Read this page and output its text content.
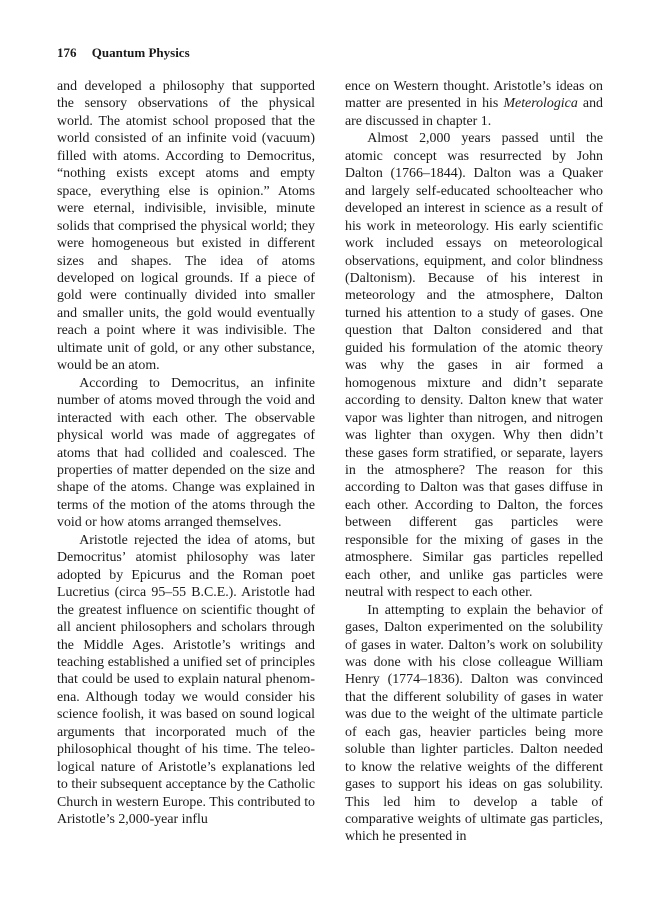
176 Quantum Physics

and developed a philosophy that supported the sensory observations of the physical world. The atomist school proposed that the world consisted of an infinite void (vacuum) filled with atoms. According to Democritus, “nothing exists except atoms and empty space, everything else is opinion.” Atoms were eternal, indivisible, invisible, minute solids that comprised the physical world; they were homogeneous but existed in different sizes and shapes. The idea of atoms developed on logical grounds. If a piece of gold were continually divided into smaller and smaller units, the gold would eventually reach a point where it was indivisible. The ultimate unit of gold, or any other substance, would be an atom.

According to Democritus, an infinite number of atoms moved through the void and interacted with each other. The observable physical world was made of aggregates of atoms that had collided and coalesced. The properties of matter depended on the size and shape of the atoms. Change was explained in terms of the motion of the atoms through the void or how atoms arranged themselves.

Aristotle rejected the idea of atoms, but Democritus’ atomist philosophy was later adopted by Epicurus and the Roman poet Lucretius (circa 95–55 B.C.E.). Aristotle had the greatest influence on scientific thought of all ancient philosophers and scholars through the Middle Ages. Aristotle’s writings and teaching established a unified set of principles that could be used to explain natural phenomena. Although today we would consider his science foolish, it was based on sound logical arguments that incorporated much of the philosophical thought of his time. The teleological nature of Aristotle’s explanations led to their subsequent acceptance by the Catholic Church in western Europe. This contributed to Aristotle’s 2,000-year influ

ence on Western thought. Aristotle’s ideas on matter are presented in his Meterologica and are discussed in chapter 1.

Almost 2,000 years passed until the atomic concept was resurrected by John Dalton (1766–1844). Dalton was a Quaker and largely self-educated schoolteacher who developed an interest in science as a result of his work in meteorology. His early scientific work included essays on meteorological observations, equipment, and color blindness (Daltonism). Because of his interest in meteorology and the atmosphere, Dalton turned his attention to a study of gases. One question that Dalton considered and that guided his formulation of the atomic theory was why the gases in air formed a homogenous mixture and didn’t separate according to density. Dalton knew that water vapor was lighter than nitrogen, and nitrogen was lighter than oxygen. Why then didn’t these gases form stratified, or separate, layers in the atmosphere? The reason for this according to Dalton was that gases diffuse in each other. According to Dalton, the forces between different gas particles were responsible for the mixing of gases in the atmosphere. Similar gas particles repelled each other, and unlike gas particles were neutral with respect to each other.

In attempting to explain the behavior of gases, Dalton experimented on the solubility of gases in water. Dalton’s work on solubility was done with his close colleague William Henry (1774–1836). Dalton was convinced that the different solubility of gases in water was due to the weight of the ultimate particle of each gas, heavier particles being more soluble than lighter particles. Dalton needed to know the relative weights of the different gases to support his ideas on gas solubility. This led him to develop a table of comparative weights of ultimate gas particles, which he presented in
